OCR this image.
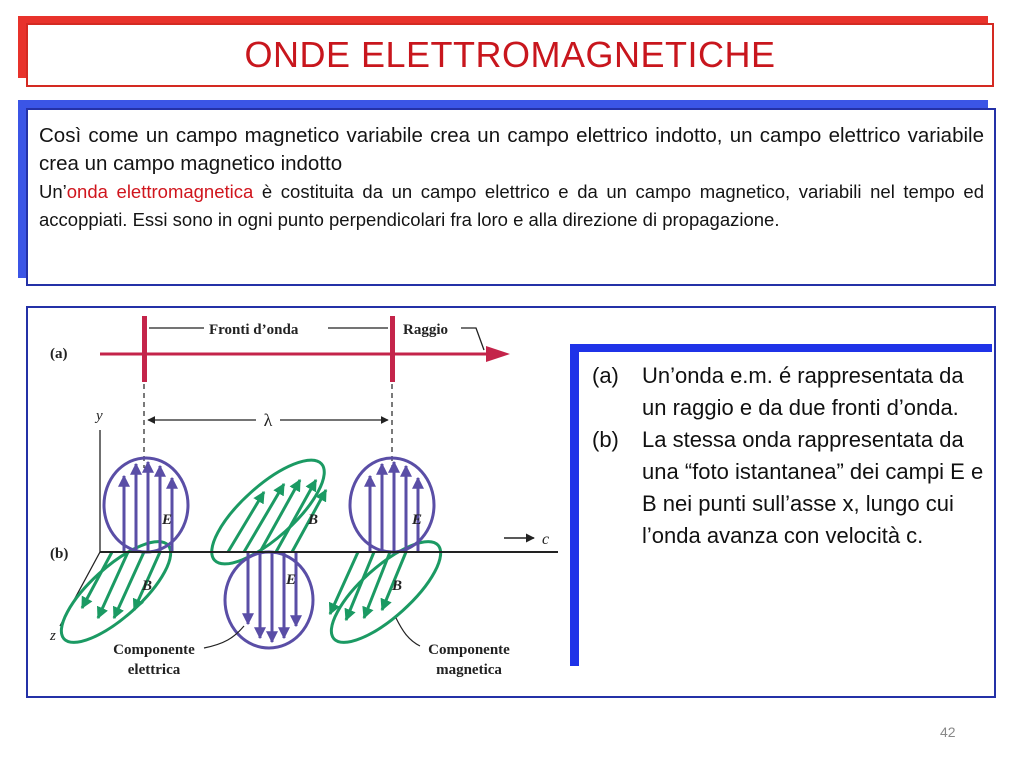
ONDE ELETTROMAGNETICHE

Così come un campo magnetico variabile crea un campo elettrico indotto, un campo elettrico variabile crea un campo magnetico indotto

Un’onda elettromagnetica è costituita da un campo elettrico e da un campo magnetico, variabili nel tempo ed accoppiati. Essi sono in ogni punto perpendicolari fra loro e alla direzione di propagazione.

(a)
Fronti d’onda	Raggio
λ
y
z
(b)
c
E
E
E
B
B
B
Componente
elettrica
Componente
magnetica
(a)	Un’onda e.m. é rappresentata da un raggio e da due fronti d’onda.
(b)	La stessa onda rappresentata da una “foto istantanea” dei campi E e B nei punti sull’asse x, lungo cui l’onda avanza con velocità c.
42
